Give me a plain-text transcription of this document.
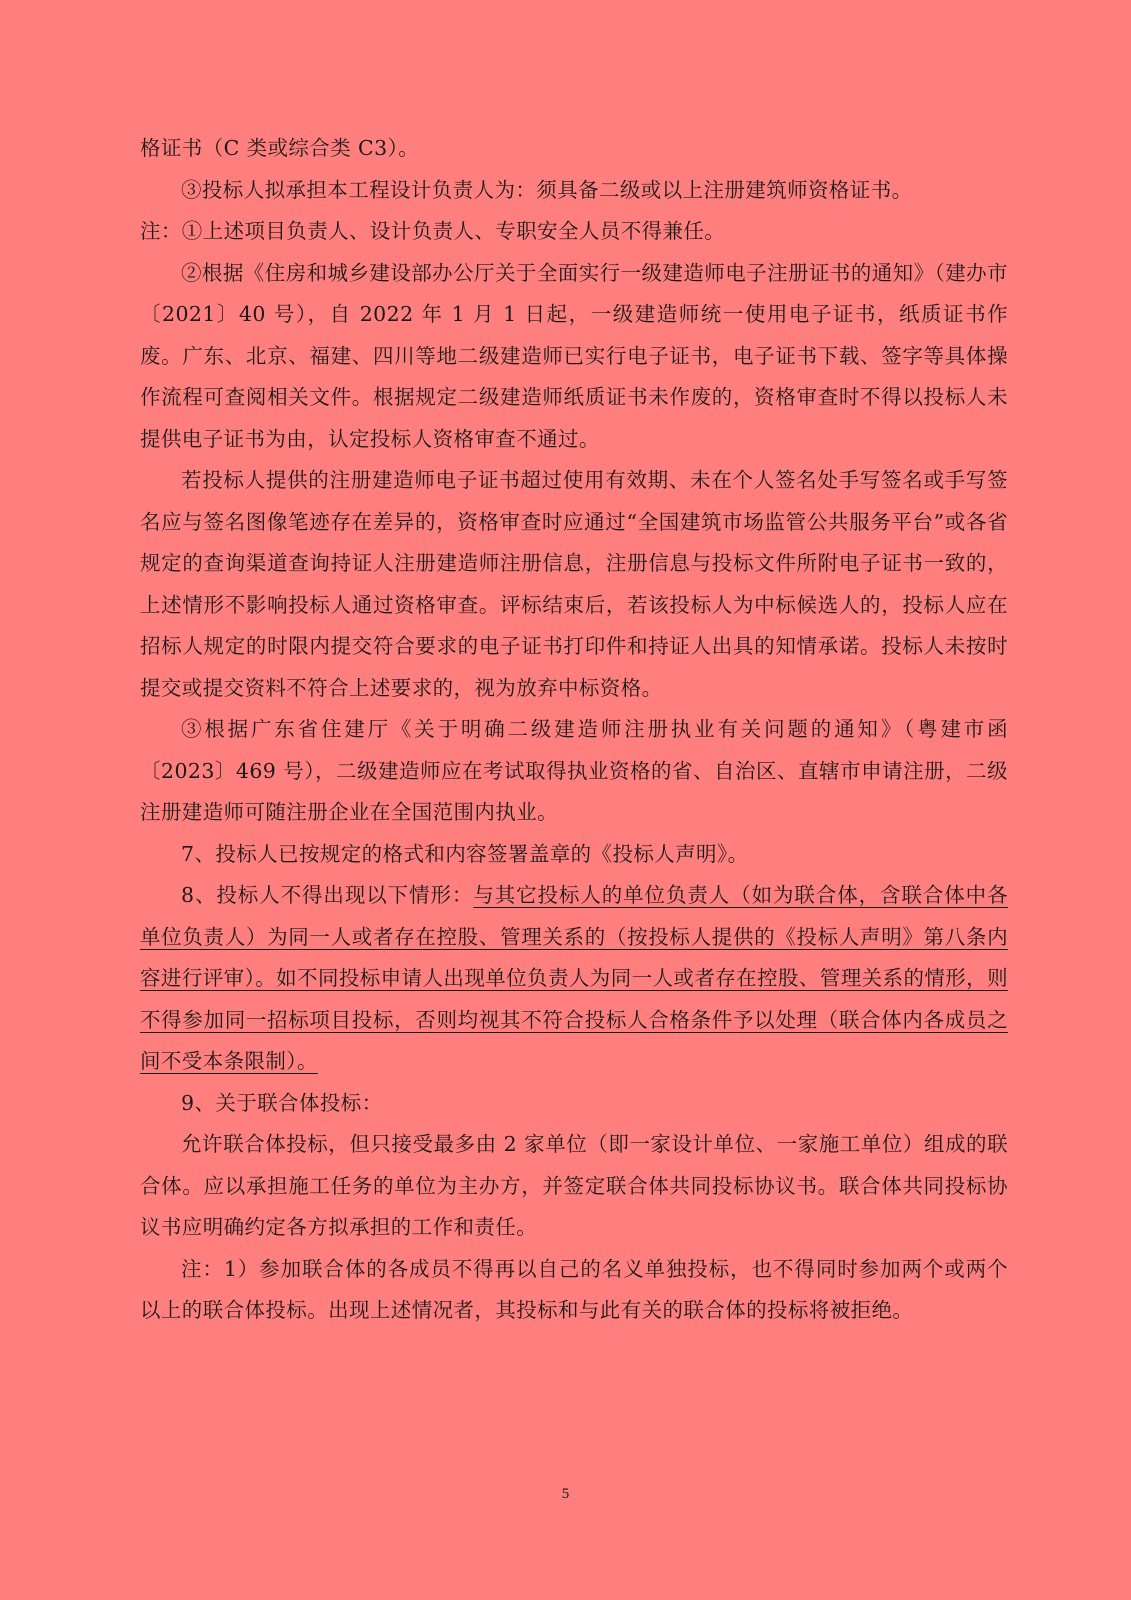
格证书（C 类或综合类 C3）。

③投标人拟承担本工程设计负责人为：须具备二级或以上注册建筑师资格证书。

注：①上述项目负责人、设计负责人、专职安全人员不得兼任。

②根据《住房和城乡建设部办公厅关于全面实行一级建造师电子注册证书的通知》（建办市〔2021〕40 号），自 2022 年 1 月 1 日起，一级建造师统一使用电子证书，纸质证书作废。广东、北京、福建、四川等地二级建造师已实行电子证书，电子证书下载、签字等具体操作流程可查阅相关文件。根据规定二级建造师纸质证书未作废的，资格审查时不得以投标人未提供电子证书为由，认定投标人资格审查不通过。

若投标人提供的注册建造师电子证书超过使用有效期、未在个人签名处手写签名或手写签名应与签名图像笔迹存在差异的，资格审查时应通过“全国建筑市场监管公共服务平台”或各省规定的查询渠道查询持证人注册建造师注册信息，注册信息与投标文件所附电子证书一致的，上述情形不影响投标人通过资格审查。评标结束后，若该投标人为中标候选人的，投标人应在招标人规定的时限内提交符合要求的电子证书打印件和持证人出具的知情承诺。投标人未按时提交或提交资料不符合上述要求的，视为放弃中标资格。

③根据广东省住建厅《关于明确二级建造师注册执业有关问题的通知》（粤建市函〔2023〕469 号），二级建造师应在考试取得执业资格的省、自治区、直辖市申请注册，二级注册建造师可随注册企业在全国范围内执业。

7、投标人已按规定的格式和内容签署盖章的《投标人声明》。

8、投标人不得出现以下情形：与其它投标人的单位负责人（如为联合体，含联合体中各单位负责人）为同一人或者存在控股、管理关系的（按投标人提供的《投标人声明》第八条内容进行评审）。如不同投标申请人出现单位负责人为同一人或者存在控股、管理关系的情形，则不得参加同一招标项目投标，否则均视其不符合投标人合格条件予以处理（联合体内各成员之间不受本条限制）。

9、关于联合体投标：

允许联合体投标，但只接受最多由 2 家单位（即一家设计单位、一家施工单位）组成的联合体。应以承担施工任务的单位为主办方，并签定联合体共同投标协议书。联合体共同投标协议书应明确约定各方拟承担的工作和责任。

注：1）参加联合体的各成员不得再以自己的名义单独投标，也不得同时参加两个或两个以上的联合体投标。出现上述情况者，其投标和与此有关的联合体的投标将被拒绝。

5
